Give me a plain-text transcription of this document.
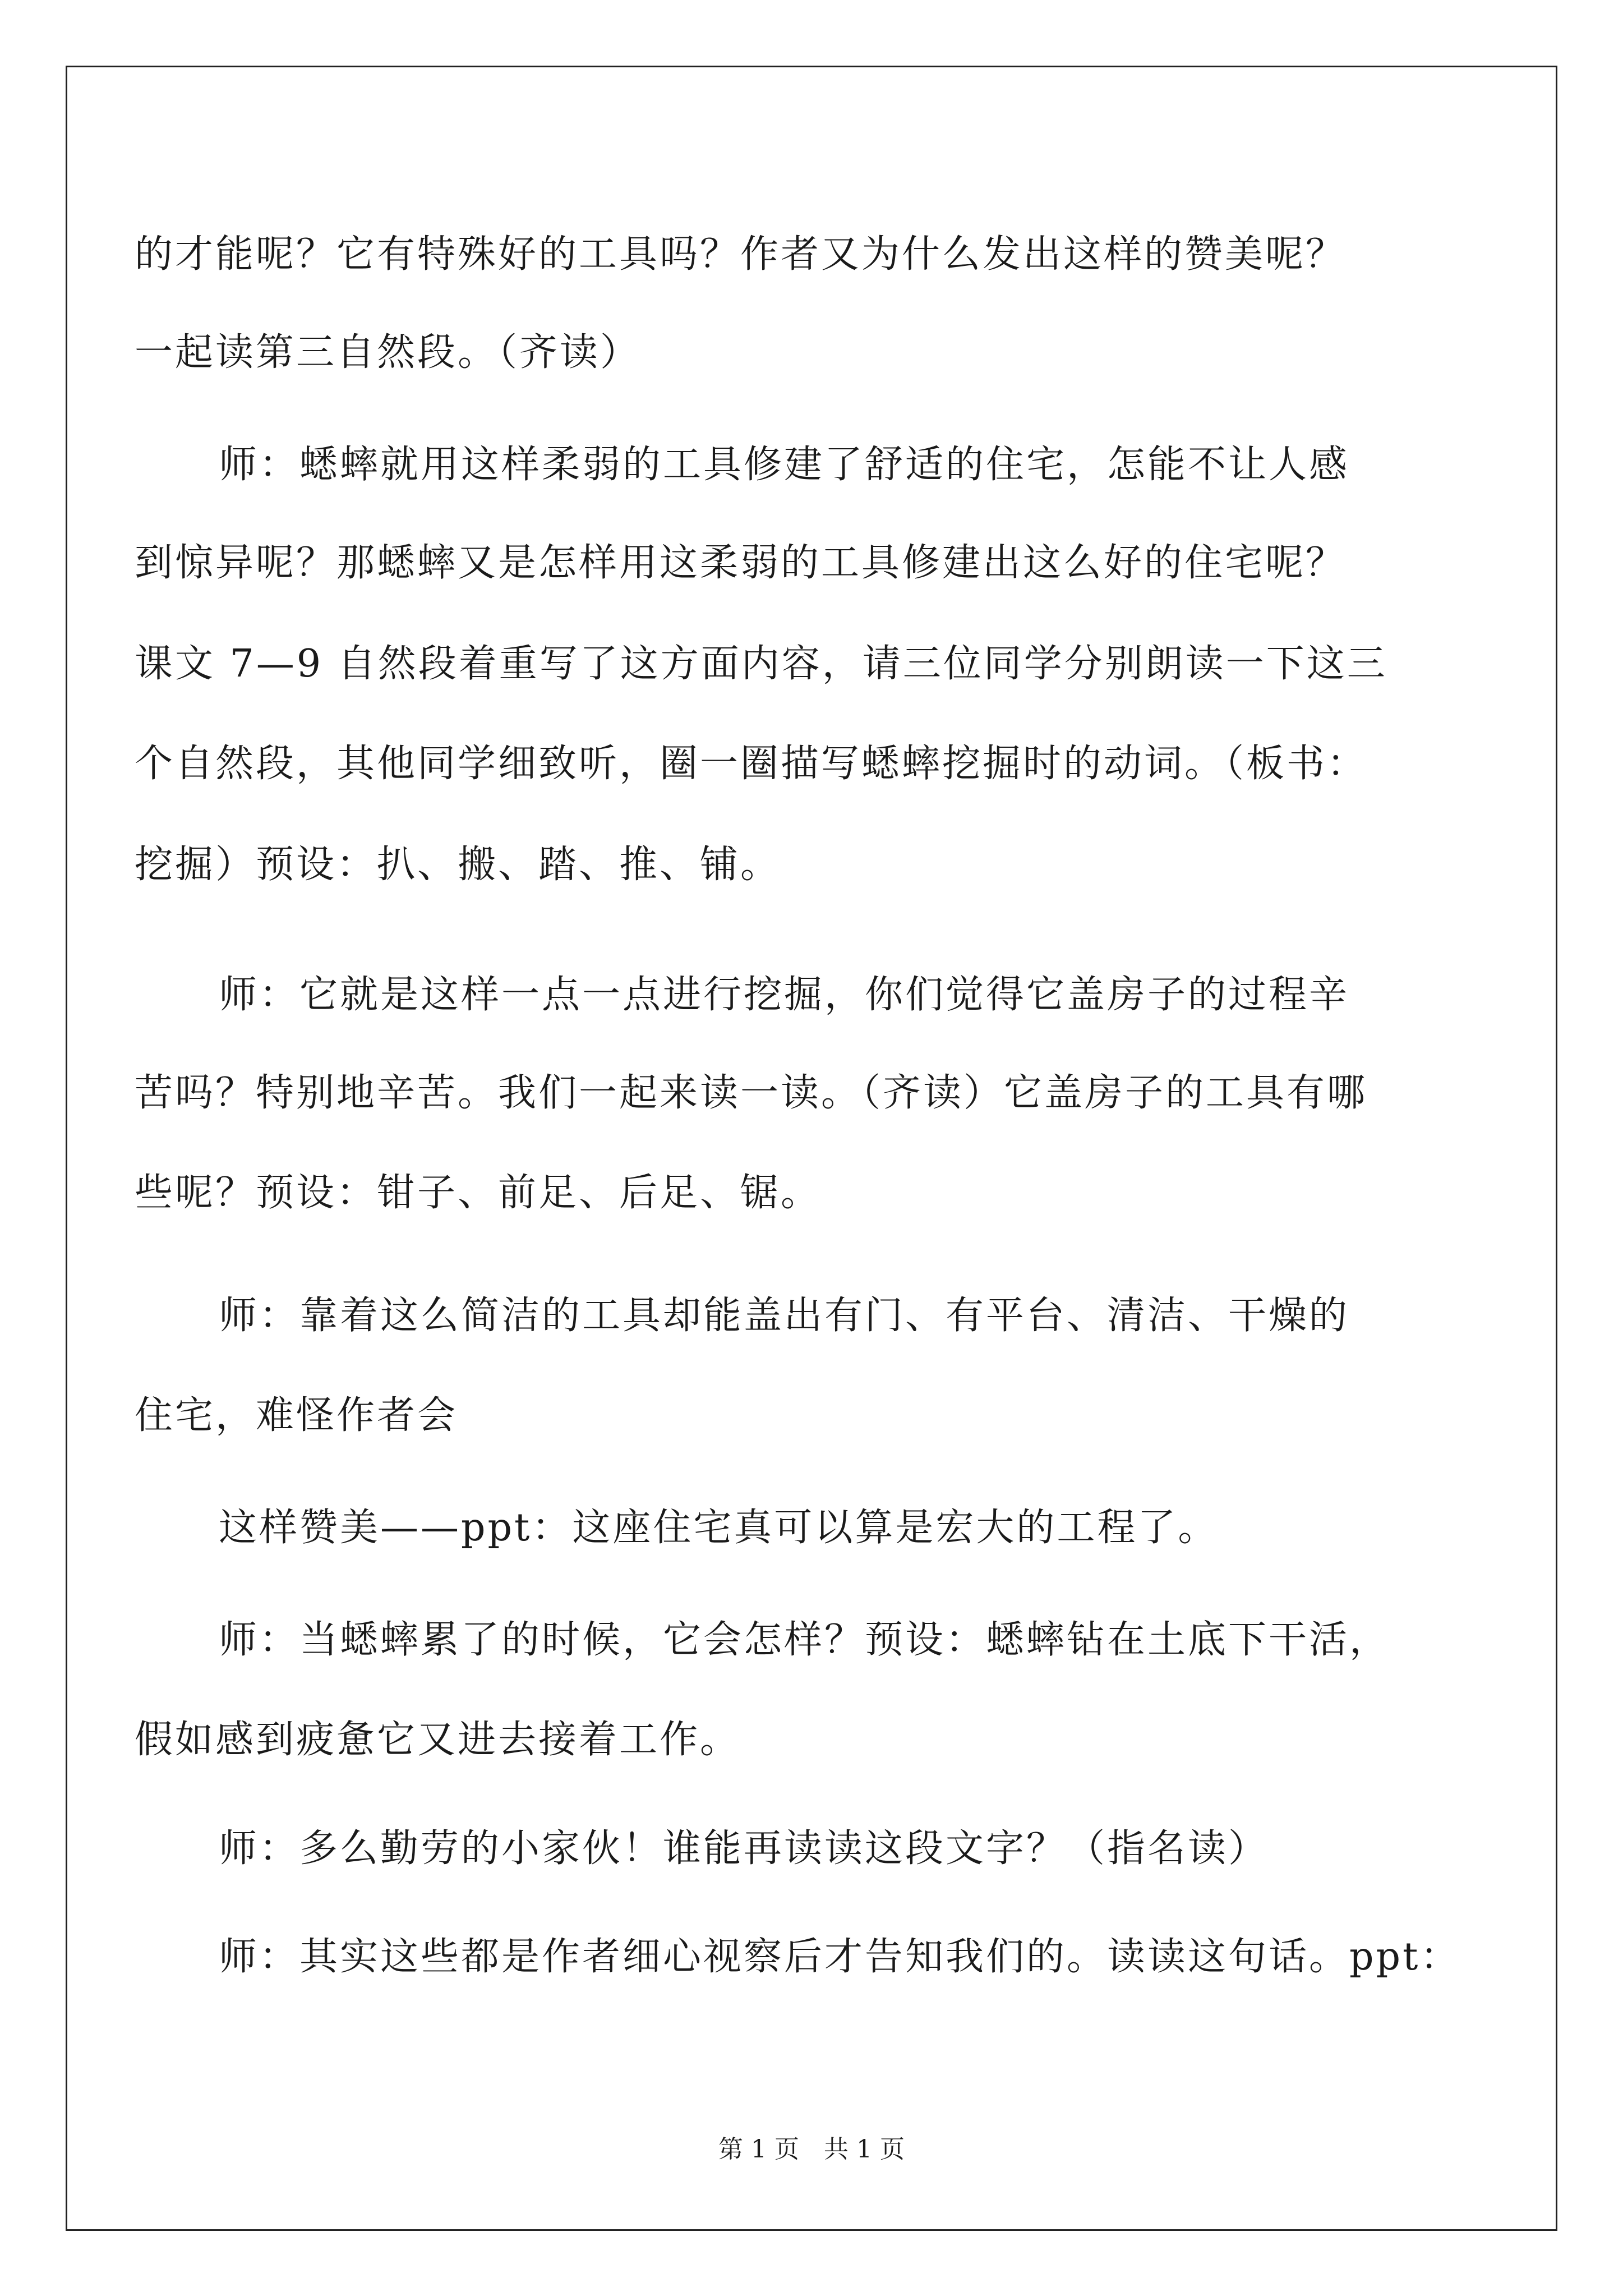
的才能呢？它有特殊好的工具吗？作者又为什么发出这样的赞美呢？
一起读第三自然段。（齐读）
师：蟋蟀就用这样柔弱的工具修建了舒适的住宅，怎能不让人感
到惊异呢？那蟋蟀又是怎样用这柔弱的工具修建出这么好的住宅呢？
课文 7—9 自然段着重写了这方面内容，请三位同学分别朗读一下这三
个自然段，其他同学细致听，圈一圈描写蟋蟀挖掘时的动词。（板书：
挖掘）预设：扒、搬、踏、推、铺。
师：它就是这样一点一点进行挖掘，你们觉得它盖房子的过程辛
苦吗？特别地辛苦。我们一起来读一读。（齐读）它盖房子的工具有哪
些呢？预设：钳子、前足、后足、锯。
师：靠着这么简洁的工具却能盖出有门、有平台、清洁、干燥的
住宅，难怪作者会
这样赞美——ppt：这座住宅真可以算是宏大的工程了。
师：当蟋蟀累了的时候，它会怎样？预设：蟋蟀钻在土底下干活，
假如感到疲惫它又进去接着工作。
师：多么勤劳的小家伙！谁能再读读这段文字？（指名读）
师：其实这些都是作者细心视察后才告知我们的。读读这句话。ppt：
第 1 页　共 1 页
